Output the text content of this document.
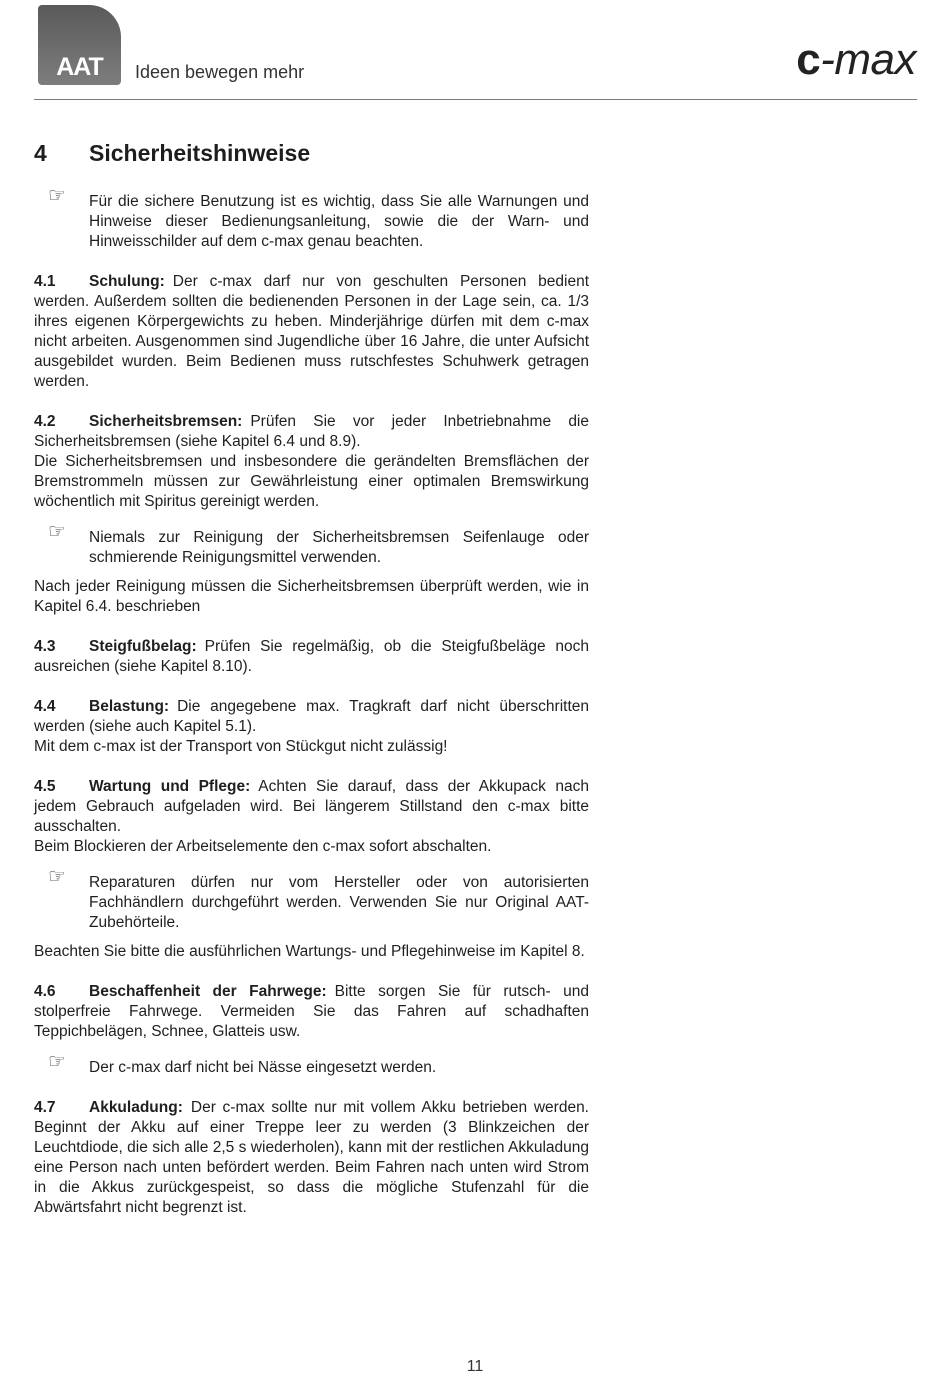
AAT	Ideen bewegen mehr	c-max
4 Sicherheitshinweise
☞ Für die sichere Benutzung ist es wichtig, dass Sie alle Warnungen und Hinweise dieser Bedienungsanleitung, sowie die der Warn- und Hinweisschilder auf dem c-max genau beachten.
4.1 Schulung: Der c-max darf nur von geschulten Personen bedient werden. Außerdem sollten die bedienenden Personen in der Lage sein, ca. 1/3 ihres eigenen Körpergewichts zu heben. Minderjährige dürfen mit dem c-max nicht arbeiten. Ausgenommen sind Jugendliche über 16 Jahre, die unter Aufsicht ausgebildet wurden. Beim Bedienen muss rutschfestes Schuhwerk getragen werden.
4.2 Sicherheitsbremsen: Prüfen Sie vor jeder Inbetriebnahme die Sicherheitsbremsen (siehe Kapitel 6.4 und 8.9).

Die Sicherheitsbremsen und insbesondere die gerändelten Bremsflächen der Bremstrommeln müssen zur Gewährleistung einer optimalen Bremswirkung wöchentlich mit Spiritus gereinigt werden.

☞ Niemals zur Reinigung der Sicherheitsbremsen Seifenlauge oder schmierende Reinigungsmittel verwenden.
Nach jeder Reinigung müssen die Sicherheitsbremsen überprüft werden, wie in Kapitel 6.4. beschrieben
4.3 Steigfußbelag: Prüfen Sie regelmäßig, ob die Steigfußbeläge noch ausreichen (siehe Kapitel 8.10).
4.4 Belastung: Die angegebene max. Tragkraft darf nicht überschritten werden (siehe auch Kapitel 5.1).

Mit dem c-max ist der Transport von Stückgut nicht zulässig!

4.5 Wartung und Pflege: Achten Sie darauf, dass der Akkupack nach jedem Gebrauch aufgeladen wird. Bei längerem Stillstand den c-max bitte ausschalten.

Beim Blockieren der Arbeitselemente den c-max sofort abschalten.

☞ Reparaturen dürfen nur vom Hersteller oder von autorisierten Fachhändlern durchgeführt werden. Verwenden Sie nur Original AAT-Zubehörteile.
Beachten Sie bitte die ausführlichen Wartungs- und Pflegehinweise im Kapitel 8.
4.6 Beschaffenheit der Fahrwege: Bitte sorgen Sie für rutsch- und stolperfreie Fahrwege. Vermeiden Sie das Fahren auf schadhaften Teppichbelägen, Schnee, Glatteis usw.
☞ Der c-max darf nicht bei Nässe eingesetzt werden.
4.7 Akkuladung: Der c-max sollte nur mit vollem Akku betrieben werden. Beginnt der Akku auf einer Treppe leer zu werden (3 Blinkzeichen der Leuchtdiode, die sich alle 2,5 s wiederholen), kann mit der restlichen Akkuladung eine Person nach unten befördert werden. Beim Fahren nach unten wird Strom in die Akkus zurückgespeist, so dass die mögliche Stufenzahl für die Abwärtsfahrt nicht begrenzt ist.
11
